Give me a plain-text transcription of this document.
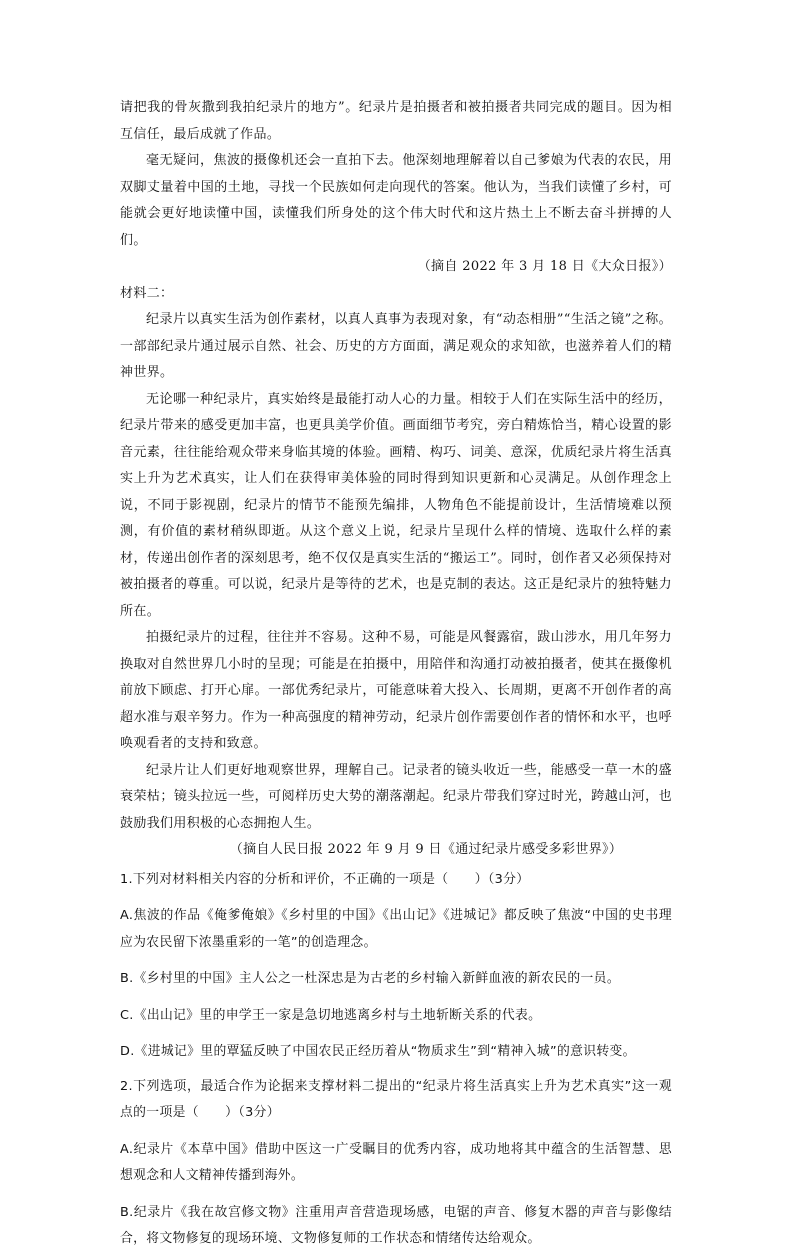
请把我的骨灰撒到我拍纪录片的地方”。纪录片是拍摄者和被拍摄者共同完成的题目。因为相互信任，最后成就了作品。

毫无疑问，焦波的摄像机还会一直拍下去。他深刻地理解着以自己爹娘为代表的农民，用双脚丈量着中国的土地，寻找一个民族如何走向现代的答案。他认为，当我们读懂了乡村，可能就会更好地读懂中国，读懂我们所身处的这个伟大时代和这片热土上不断去奋斗拼搏的人们。

（摘自 2022 年 3 月 18 日《大众日报》）

材料二：

纪录片以真实生活为创作素材，以真人真事为表现对象，有“动态相册”“生活之镜”之称。一部部纪录片通过展示自然、社会、历史的方方面面，满足观众的求知欲，也滋养着人们的精神世界。

无论哪一种纪录片，真实始终是最能打动人心的力量。相较于人们在实际生活中的经历，纪录片带来的感受更加丰富，也更具美学价值。画面细节考究，旁白精炼恰当，精心设置的影音元素，往往能给观众带来身临其境的体验。画精、构巧、词美、意深，优质纪录片将生活真实上升为艺术真实，让人们在获得审美体验的同时得到知识更新和心灵满足。从创作理念上说，不同于影视剧，纪录片的情节不能预先编排，人物角色不能提前设计，生活情境难以预测，有价值的素材稍纵即逝。从这个意义上说，纪录片呈现什么样的情境、选取什么样的素材，传递出创作者的深刻思考，绝不仅仅是真实生活的“搬运工”。同时，创作者又必须保持对被拍摄者的尊重。可以说，纪录片是等待的艺术，也是克制的表达。这正是纪录片的独特魅力所在。

拍摄纪录片的过程，往往并不容易。这种不易，可能是风餐露宿，跋山涉水，用几年努力换取对自然世界几小时的呈现；可能是在拍摄中，用陪伴和沟通打动被拍摄者，使其在摄像机前放下顾虑、打开心扉。一部优秀纪录片，可能意味着大投入、长周期，更离不开创作者的高超水准与艰辛努力。作为一种高强度的精神劳动，纪录片创作需要创作者的情怀和水平，也呼唤观看者的支持和致意。

纪录片让人们更好地观察世界，理解自己。记录者的镜头收近一些，能感受一草一木的盛衰荣枯；镜头拉远一些，可阅样历史大势的潮落潮起。纪录片带我们穿过时光，跨越山河，也鼓励我们用积极的心态拥抱人生。

（摘自人民日报 2022 年 9 月 9 日《通过纪录片感受多彩世界》）

1.下列对材料相关内容的分析和评价，不正确的一项是（　　）（3分）

A.焦波的作品《俺爹俺娘》《乡村里的中国》《出山记》《进城记》都反映了焦波“中国的史书理应为农民留下浓墨重彩的一笔”的创造理念。

B.《乡村里的中国》主人公之一杜深忠是为古老的乡村输入新鲜血液的新农民的一员。

C.《出山记》里的申学王一家是急切地逃离乡村与土地斩断关系的代表。

D.《进城记》里的覃猛反映了中国农民正经历着从“物质求生”到“精神入城”的意识转变。

2.下列选项，最适合作为论据来支撑材料二提出的“纪录片将生活真实上升为艺术真实”这一观点的一项是（　　）（3分）

A.纪录片《本草中国》借助中医这一广受瞩目的优秀内容，成功地将其中蕴含的生活智慧、思想观念和人文精神传播到海外。

B.纪录片《我在故宫修文物》注重用声音营造现场感，电锯的声音、修复木器的声音与影像结合，将文物修复的现场环境、文物修复师的工作状态和情绪传达给观众。
